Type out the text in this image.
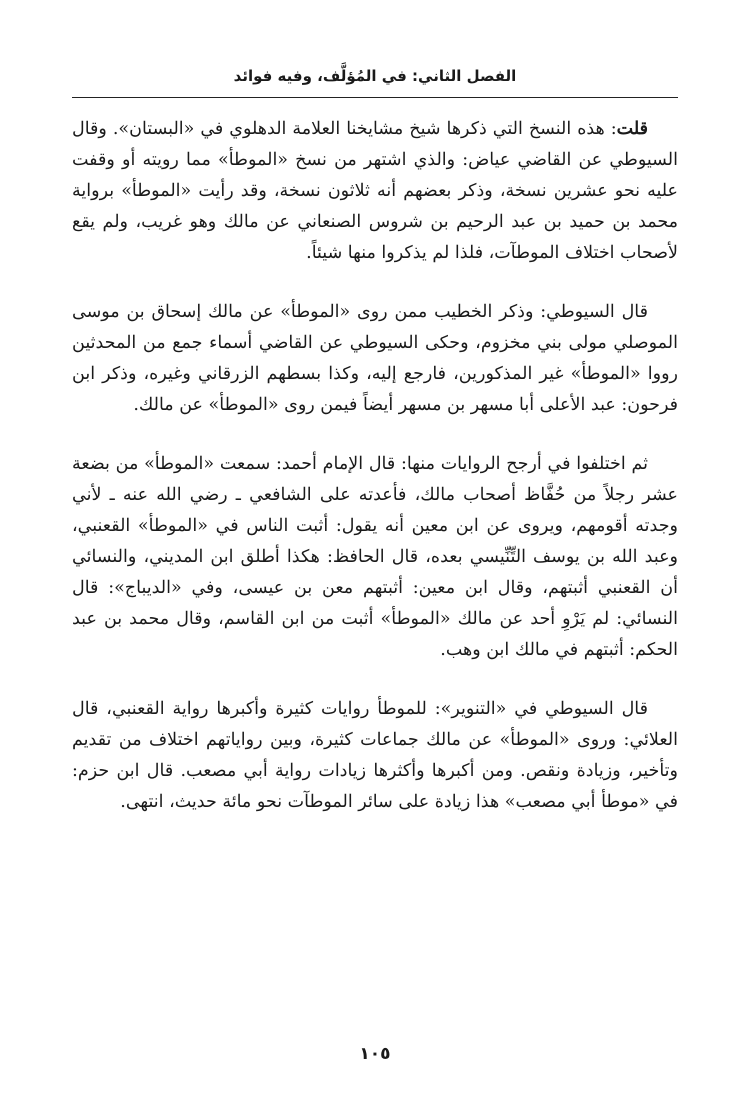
الفصل الثاني: في المُؤلَّف، وفيه فوائد

قلت: هذه النسخ التي ذكرها شيخ مشايخنا العلامة الدهلوي في «البستان». وقال السيوطي عن القاضي عياض: والذي اشتهر من نسخ «الموطأ» مما رويته أو وقفت عليه نحو عشرين نسخة، وذكر بعضهم أنه ثلاثون نسخة، وقد رأيت «الموطأ» برواية محمد بن حميد بن عبد الرحيم بن شروس الصنعاني عن مالك وهو غريب، ولم يقع لأصحاب اختلاف الموطآت، فلذا لم يذكروا منها شيئاً.

قال السيوطي: وذكر الخطيب ممن روى «الموطأ» عن مالك إسحاق بن موسى الموصلي مولى بني مخزوم، وحكى السيوطي عن القاضي أسماء جمع من المحدثين رووا «الموطأ» غير المذكورين، فارجع إليه، وكذا بسطهم الزرقاني وغيره، وذكر ابن فرحون: عبد الأعلى أبا مسهر بن مسهر أيضاً فيمن روى «الموطأ» عن مالك.

ثم اختلفوا في أرجح الروايات منها: قال الإمام أحمد: سمعت «الموطأ» من بضعة عشر رجلاً من حُفَّاظ أصحاب مالك، فأعدته على الشافعي ـ رضي الله عنه ـ لأني وجدته أقومهم، ويروى عن ابن معين أنه يقول: أثبت الناس في «الموطأ» القعنبي، وعبد الله بن يوسف التِّنِّيسي بعده، قال الحافظ: هكذا أطلق ابن المديني، والنسائي أن القعنبي أثبتهم، وقال ابن معين: أثبتهم معن بن عيسى، وفي «الديباج»: قال النسائي: لم يَرْوِ أحد عن مالك «الموطأ» أثبت من ابن القاسم، وقال محمد بن عبد الحكم: أثبتهم في مالك ابن وهب.

قال السيوطي في «التنوير»: للموطأ روايات كثيرة وأكبرها رواية القعنبي، قال العلائي: وروى «الموطأ» عن مالك جماعات كثيرة، وبين رواياتهم اختلاف من تقديم وتأخير، وزيادة ونقص. ومن أكبرها وأكثرها زيادات رواية أبي مصعب. قال ابن حزم: في «موطأ أبي مصعب» هذا زيادة على سائر الموطآت نحو مائة حديث، انتهى.

١٠٥
